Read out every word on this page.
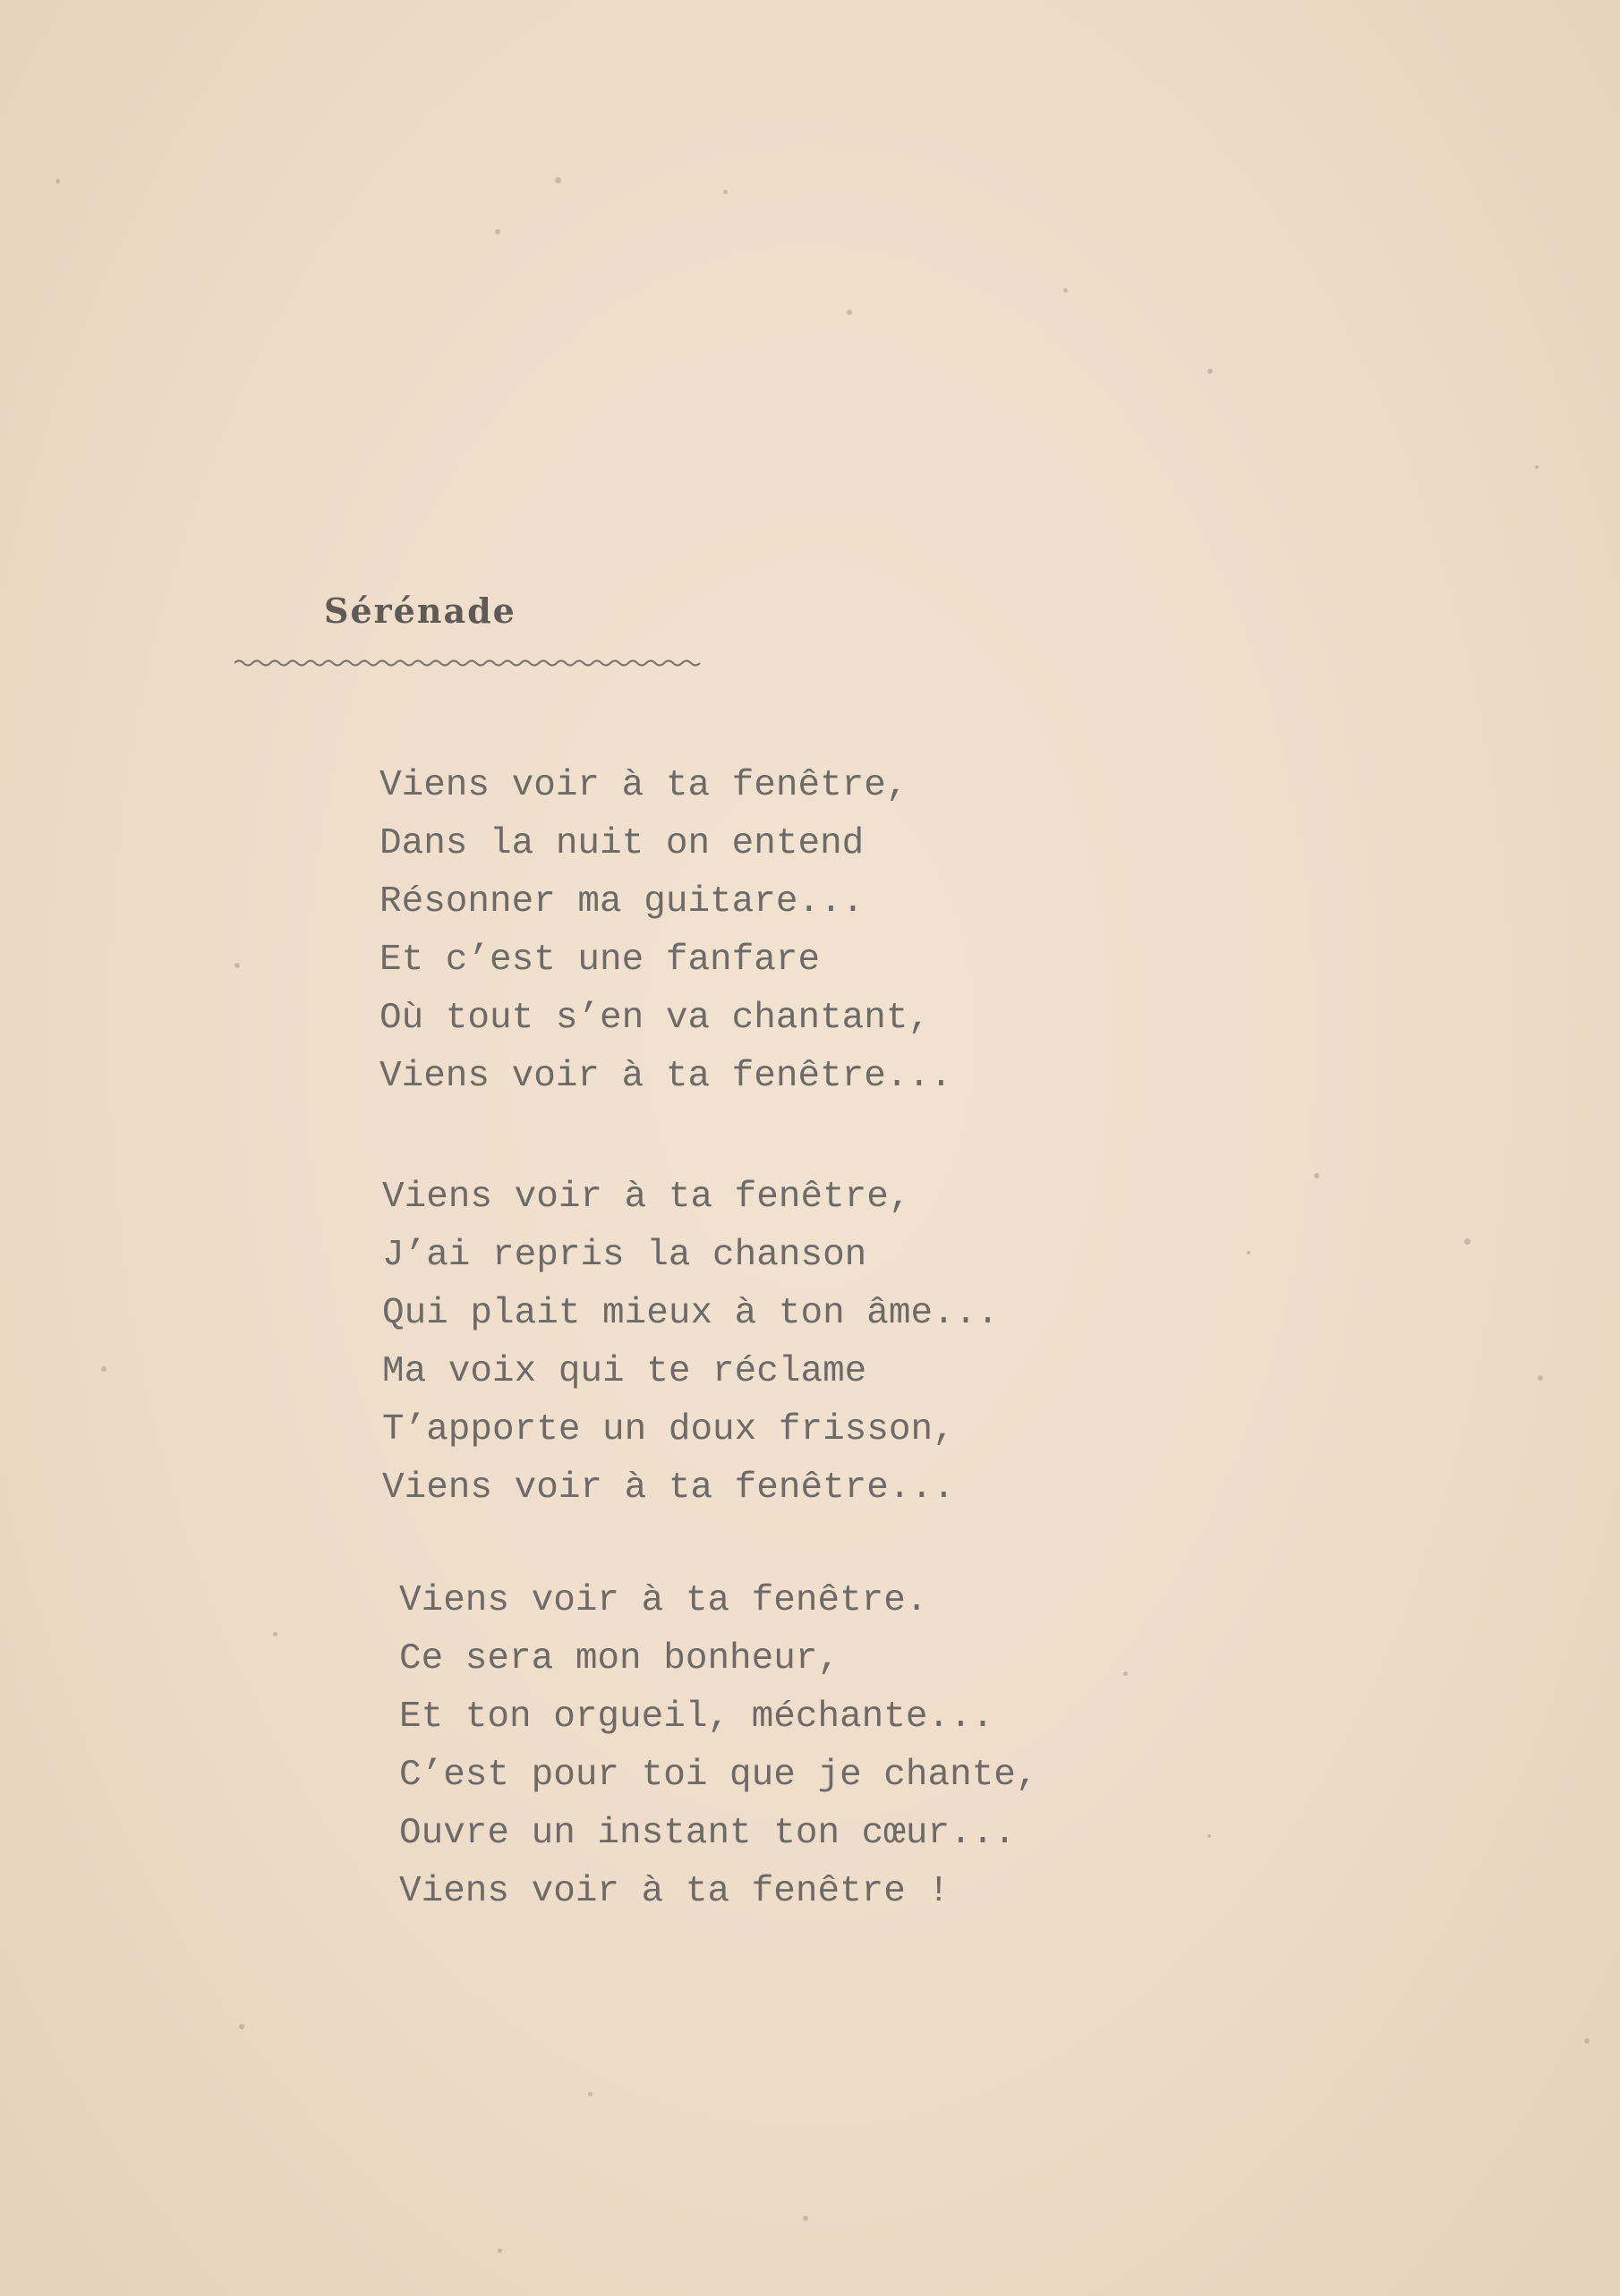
Sérénade
Viens voir à ta fenêtre,
Dans la nuit on entend
Résonner ma guitare...
Et c’est une fanfare
Où tout s’en va chantant,
Viens voir à ta fenêtre...
Viens voir à ta fenêtre,
J’ai repris la chanson
Qui plait mieux à ton âme...
Ma voix qui te réclame
T’apporte un doux frisson,
Viens voir à ta fenêtre...
Viens voir à ta fenêtre.
Ce sera mon bonheur,
Et ton orgueil, méchante...
C’est pour toi que je chante,
Ouvre un instant ton cœur...
Viens voir à ta fenêtre !
